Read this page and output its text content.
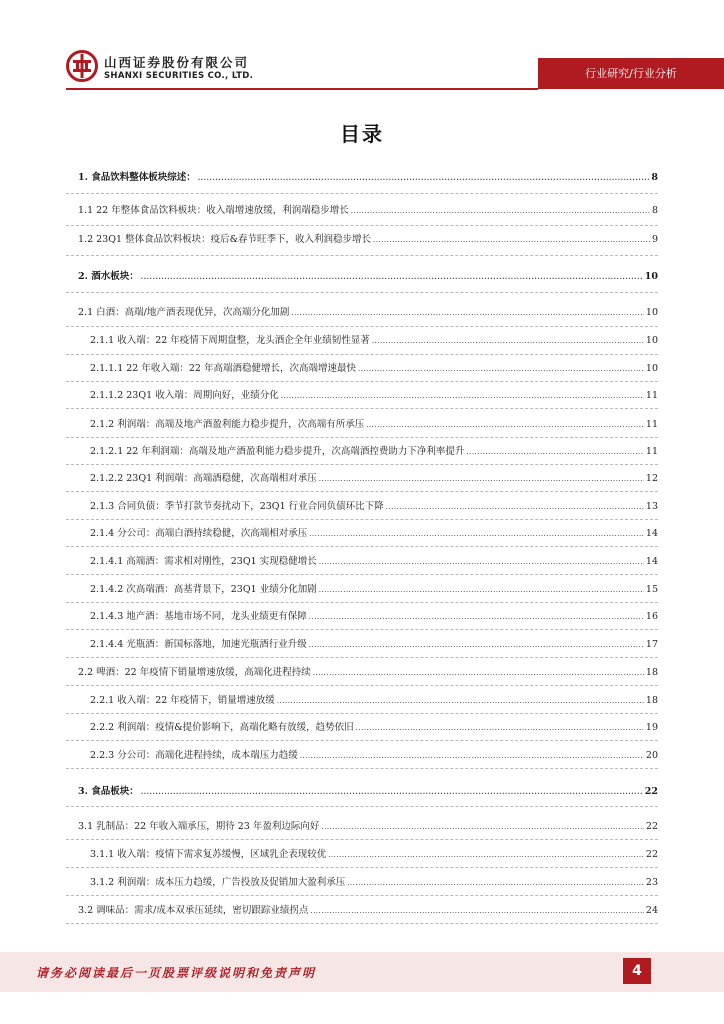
山西证券股份有限公司
SHANXI SECURITIES CO., LTD.	行业研究/行业分析
目录
1. 食品饮料整体板块综述： .....	8
1.1 22 年整体食品饮料板块：收入端增速放缓，利润端稳步增长 .....	8
1.2 23Q1 整体食品饮料板块：疫后&春节旺季下，收入利润稳步增长 .....	9
2. 酒水板块： .....	10
2.1 白酒：高端/地产酒表现优异，次高端分化加剧 .....	10
2.1.1 收入端：22 年疫情下周期盘整，龙头酒企全年业绩韧性显著 .....	10
2.1.1.1 22 年收入端：22 年高端酒稳健增长，次高端增速最快 .....	10
2.1.1.2 23Q1 收入端：周期向好，业绩分化 .....	11
2.1.2 利润端：高端及地产酒盈利能力稳步提升，次高端有所承压 .....	11
2.1.2.1 22 年利润端：高端及地产酒盈利能力稳步提升，次高端酒控费助力下净利率提升 .....	11
2.1.2.2 23Q1 利润端：高端酒稳健，次高端相对承压 .....	12
2.1.3 合同负债：季节打款节奏扰动下，23Q1 行业合同负债环比下降 .....	13
2.1.4 分公司：高端白酒持续稳健，次高端相对承压 .....	14
2.1.4.1 高端酒：需求相对刚性，23Q1 实现稳健增长 .....	14
2.1.4.2 次高端酒：高基背景下，23Q1 业绩分化加剧 .....	15
2.1.4.3 地产酒：基地市场不同，龙头业绩更有保障 .....	16
2.1.4.4 光瓶酒：新国标落地，加速光瓶酒行业升级 .....	17
2.2 啤酒：22 年疫情下销量增速放缓，高端化进程持续 .....	18
2.2.1 收入端：22 年疫情下，销量增速放缓 .....	18
2.2.2 利润端：疫情&提价影响下，高端化略有放缓，趋势依旧 .....	19
2.2.3 分公司：高端化进程持续，成本端压力趋缓 .....	20
3. 食品板块： .....	22
3.1 乳制品：22 年收入端承压，期待 23 年盈利边际向好 .....	22
3.1.1 收入端：疫情下需求复苏缓慢，区域乳企表现较优 .....	22
3.1.2 利润端：成本压力趋缓，广告投放及促销加大盈利承压 .....	23
3.2 调味品：需求/成本双承压延续，密切跟踪业绩拐点 .....	24
请务必阅读最后一页股票评级说明和免责声明	4
